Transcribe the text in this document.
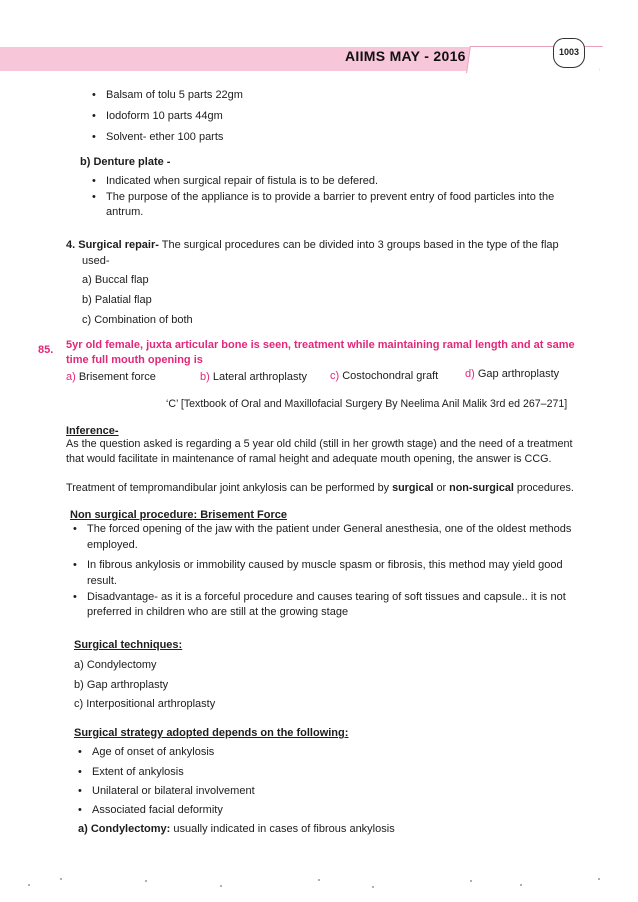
AIIMS MAY - 2016	1003
• Balsam of tolu 5 parts 22gm
• Iodoform 10 parts 44gm
• Solvent- ether 100 parts
b) Denture plate -
• Indicated when surgical repair of fistula is to be defered.
• The purpose of the appliance is to provide a barrier to prevent entry of food particles into the
antrum.
4. Surgical repair- The surgical procedures can be divided into 3 groups based in the type of the flap
used-
a) Buccal flap
b) Palatial flap
c) Combination of both
85. 5yr old female, juxta articular bone is seen, treatment while maintaining ramal length and at same
time full mouth opening is
a) Brisement force	b) Lateral arthroplasty c) Costochondral graft d) Gap arthroplasty
‘C’ [Textbook of Oral and Maxillofacial Surgery By Neelima Anil Malik 3rd ed 267–271]
Inference-
As the question asked is regarding a 5 year old child (still in her growth stage) and the need of a treatment
that would facilitate in maintenance of ramal height and adequate mouth opening, the answer is CCG.
Treatment of tempromandibular joint ankylosis can be performed by surgical or non-surgical procedures.
Non surgical procedure: Brisement Force
• The forced opening of the jaw with the patient under General anesthesia, one of the oldest methods
employed.
• In fibrous ankylosis or immobility caused by muscle spasm or fibrosis, this method may yield good
result.
• Disadvantage- as it is a forceful procedure and causes tearing of soft tissues and capsule.. it is not
preferred in children who are still at the growing stage
Surgical techniques:
a) Condylectomy
b) Gap arthroplasty
c) Interpositional arthroplasty
Surgical strategy adopted depends on the following:
• Age of onset of ankylosis
• Extent of ankylosis
• Unilateral or bilateral involvement
• Associated facial deformity
a) Condylectomy: usually indicated in cases of fibrous ankylosis
